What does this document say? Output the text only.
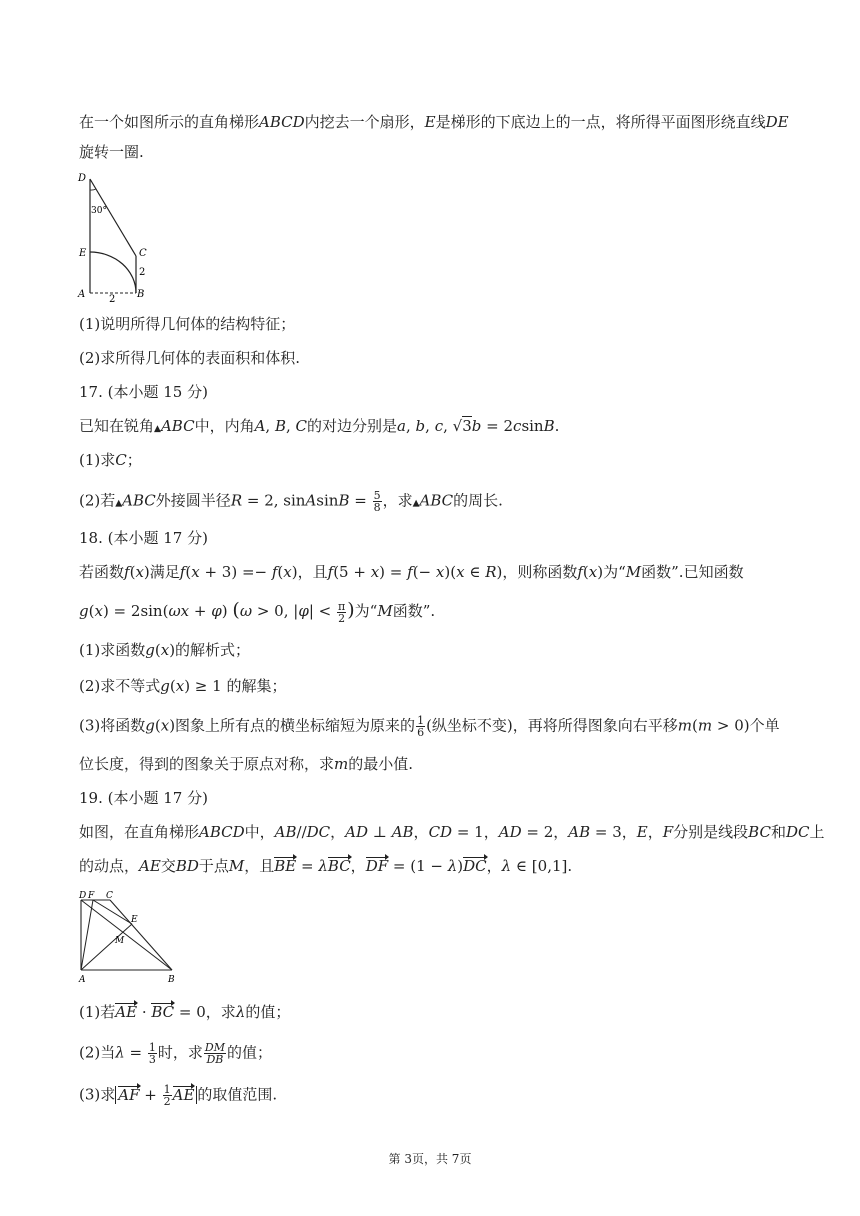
在一个如图所示的直角梯形ABCD内挖去一个扇形，E是梯形的下底边上的一点，将所得平面图形绕直线DE
旋转一圈.
D
30°
E	C
2
A 2 B
(1)说明所得几何体的结构特征；
(2)求所得几何体的表面积和体积.
17. (本小题 15 分)
已知在锐角▲ABC中，内角A, B, C的对边分别是a, b, c, √3b = 2csinB.
(1)求C；
(2)若▲ABC外接圆半径R = 2, sinAsinB = $\frac{5}{8}$ ，求▲ABC的周长.
18. (本小题 17 分)
若函数f(x)满足f(x + 3) =− f(x)，且f(5 + x) = f(− x)(x ∈ R)，则称函数f(x)为“M函数”.已知函数
g(x) = 2sin(ωx + φ) (ω > 0, $|\varphi| < \frac{\pi}{2}$ )为“M函数”.
(1)求函数g(x)的解析式；
(2)求不等式g(x) ≥ 1 的解集；
(3)将函数g(x)图象上所有点的横坐标缩短为原来的 $\frac{1}{6}$ (纵坐标不变)，再将所得图象向右平移m(m > 0)个单
位长度，得到的图象关于原点对称，求m的最小值.
19. (本小题 17 分)
如图，在直角梯形ABCD中，AB//DC，AD ⊥ AB，CD = 1，AD = 2，AB = 3，E，F分别是线段BC和DC上
的动点，AE交BD于点M，且BE = λBC，DF = (1 − λ)DC，λ ∈ [0,1].
D F C
E
M
A	B
(1)若AE · BC = 0，求λ的值；
(2)当$\lambda = \frac{1}{3}$ 时，求 $\frac{DM}{DB}$ 的值；
(3)求 AF + $\frac{1}{2}$ AE 的取值范围.
第 3页，共 7页
